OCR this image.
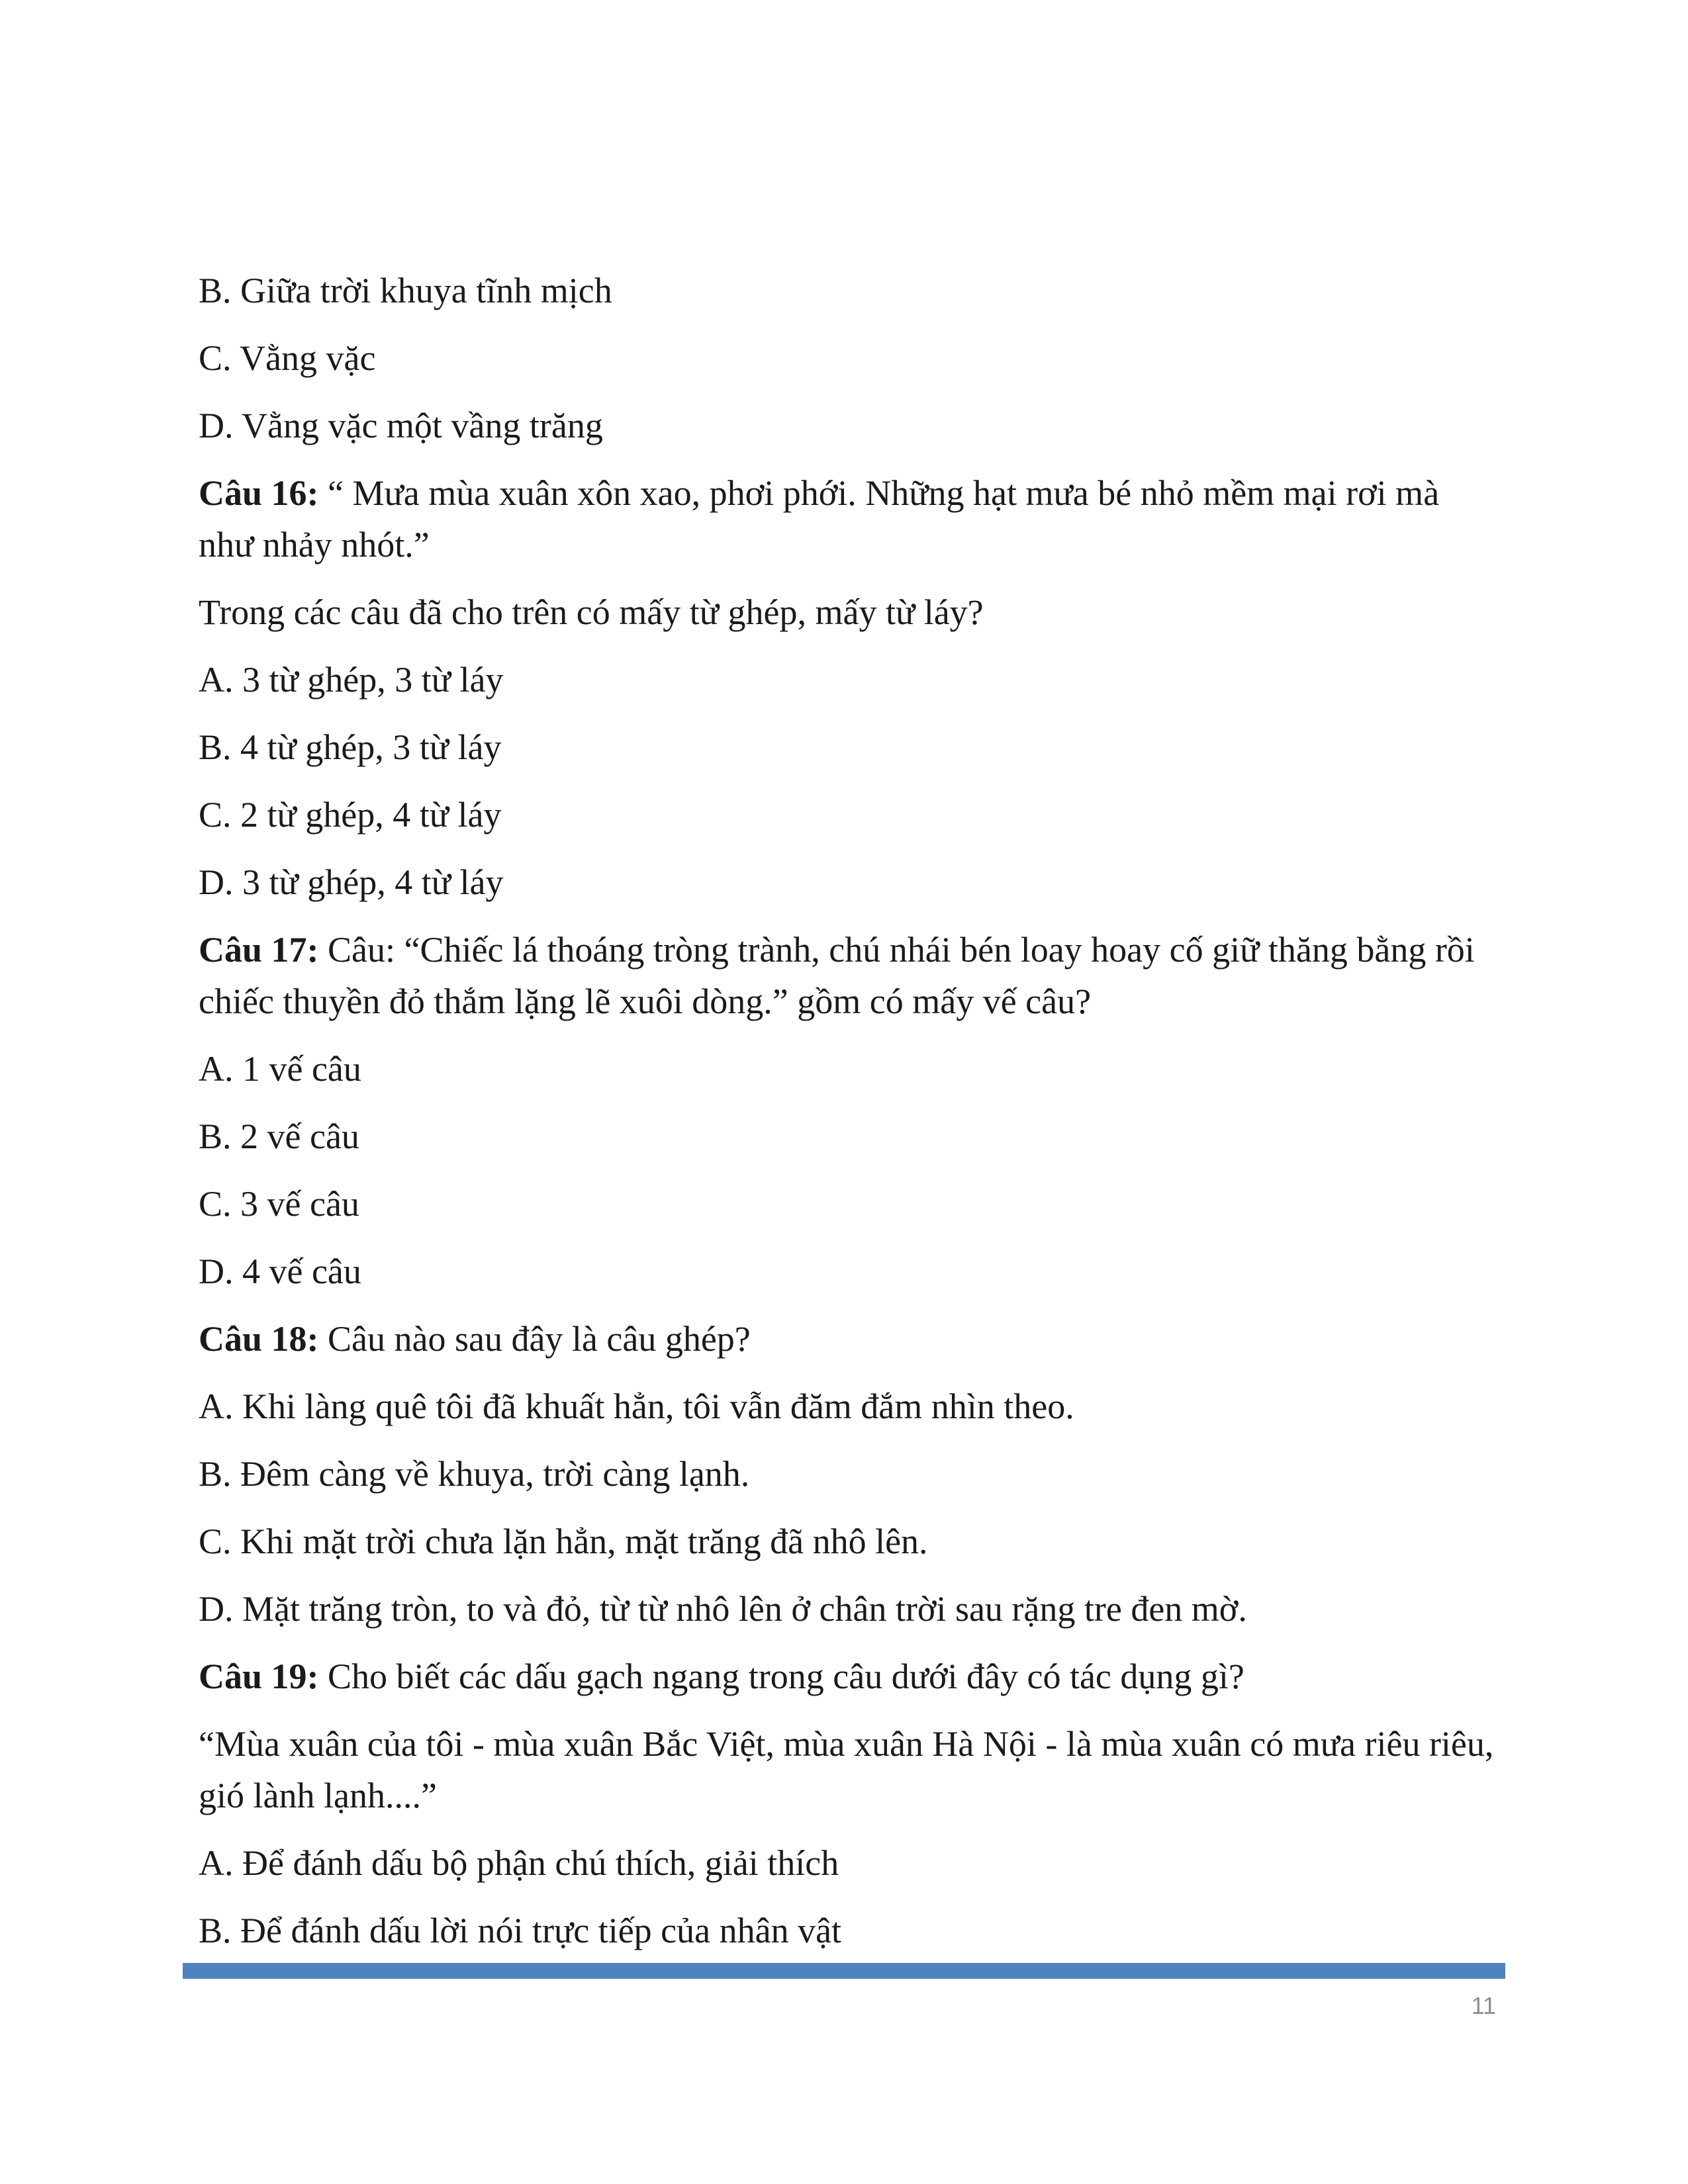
B. Giữa trời khuya tĩnh mịch
C. Vằng vặc
D. Vằng vặc một vầng trăng
Câu 16: “ Mưa mùa xuân xôn xao, phơi phới. Những hạt mưa bé nhỏ mềm mại rơi mà như nhảy nhót.”
Trong các câu đã cho trên có mấy từ ghép, mấy từ láy?
A. 3 từ ghép, 3 từ láy
B. 4 từ ghép, 3 từ láy
C. 2 từ ghép, 4 từ láy
D. 3 từ ghép, 4 từ láy
Câu 17: Câu: “Chiếc lá thoáng tròng trành, chú nhái bén loay hoay cố giữ thăng bằng rồi chiếc thuyền đỏ thắm lặng lẽ xuôi dòng.” gồm có mấy vế câu?
A. 1 vế câu
B. 2 vế câu
C. 3 vế câu
D. 4 vế câu
Câu 18: Câu nào sau đây là câu ghép?
A. Khi làng quê tôi đã khuất hẳn, tôi vẫn đăm đắm nhìn theo.
B. Đêm càng về khuya, trời càng lạnh.
C. Khi mặt trời chưa lặn hẳn, mặt trăng đã nhô lên.
D. Mặt trăng tròn, to và đỏ, từ từ nhô lên ở chân trời sau rặng tre đen mờ.
Câu 19: Cho biết các dấu gạch ngang trong câu dưới đây có tác dụng gì?
“Mùa xuân của tôi - mùa xuân Bắc Việt, mùa xuân Hà Nội - là mùa xuân có mưa riêu riêu, gió lành lạnh....”
A. Để đánh dấu bộ phận chú thích, giải thích
B. Để đánh dấu lời nói trực tiếp của nhân vật
11
